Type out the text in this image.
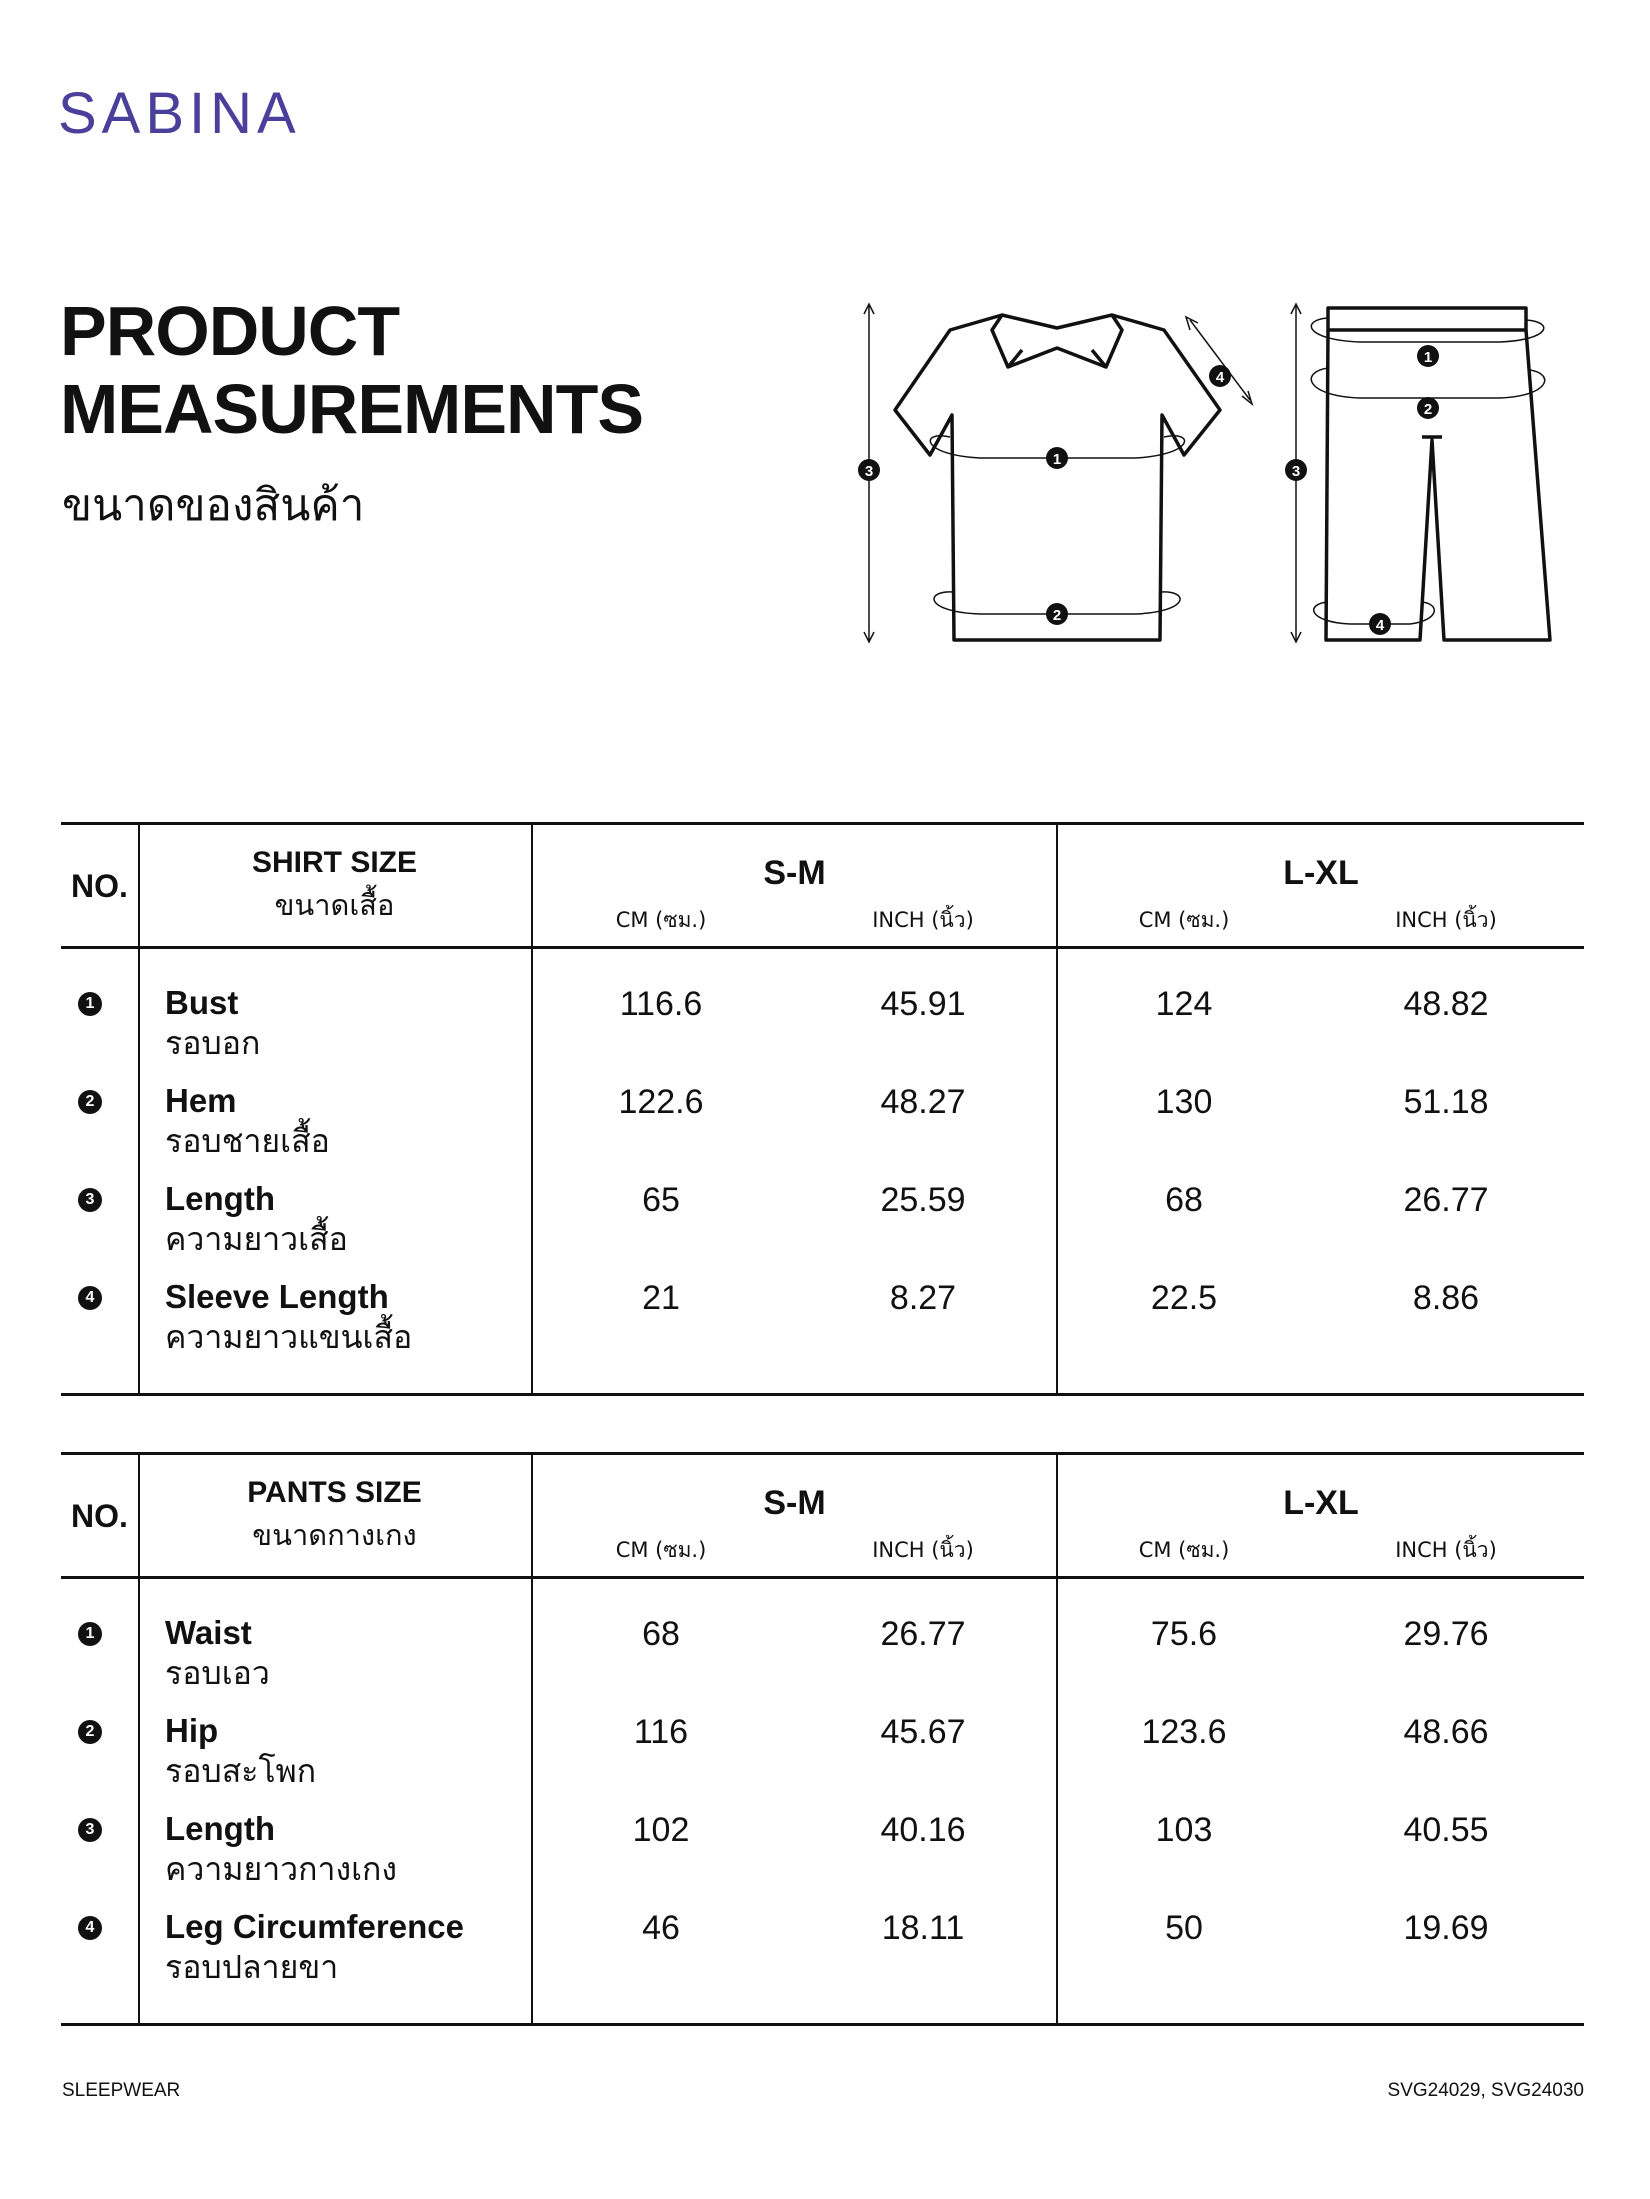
SABINA
PRODUCT
MEASUREMENTS
ขนาดของสินค้า
1
2
3
4
1
2
3
4
NO.
SHIRT SIZE
ขนาดเสื้อ
S-M
CM (ซม.)	INCH (นิ้ว)
L-XL
CM (ซม.)	INCH (นิ้ว)
1 Bust
รอบอก
116.6	45.91	124	48.82
2 Hem
รอบชายเสื้อ
122.6	48.27	130	51.18
3 Length
ความยาวเสื้อ
65	25.59	68	26.77
4 Sleeve Length
ความยาวแขนเสื้อ
21	8.27	22.5	8.86
NO.
PANTS SIZE
ขนาดกางเกง
S-M
CM (ซม.)	INCH (นิ้ว)
L-XL
CM (ซม.)	INCH (นิ้ว)
1 Waist
รอบเอว
68	26.77	75.6	29.76
2 Hip
รอบสะโพก
116	45.67	123.6	48.66
3 Length
ความยาวกางเกง
102	40.16	103	40.55
4 Leg Circumference
รอบปลายขา
46	18.11	50	19.69
SLEEPWEAR	SVG24029, SVG24030
